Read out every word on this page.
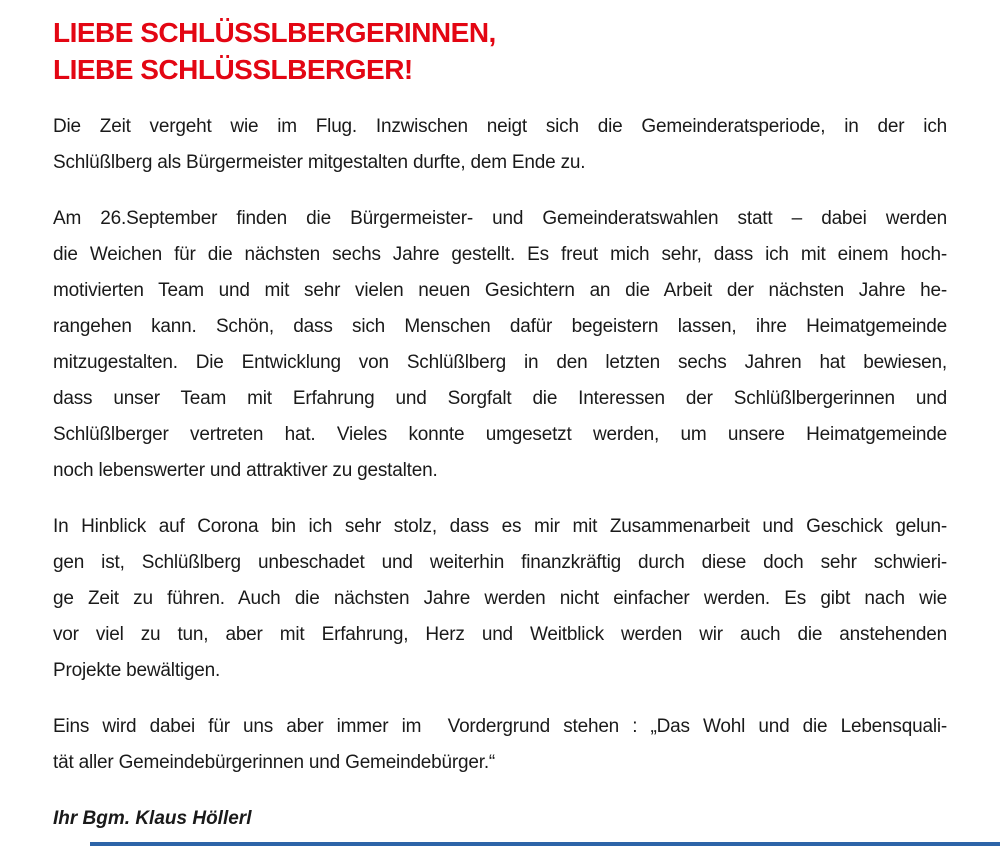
LIEBE SCHLÜSSLBERGERINNEN,
LIEBE SCHLÜSSLBERGER!
Die Zeit vergeht wie im Flug. Inzwischen neigt sich die Gemeinderatsperiode, in der ich
Schlüßlberg als Bürgermeister mitgestalten durfte, dem Ende zu.
Am 26.September finden die Bürgermeister- und Gemeinderatswahlen statt – dabei werden
die Weichen für die nächsten sechs Jahre gestellt. Es freut mich sehr, dass ich mit einem hoch-
motivierten Team und mit sehr vielen neuen Gesichtern an die Arbeit der nächsten Jahre he-
rangehen kann. Schön, dass sich Menschen dafür begeistern lassen, ihre Heimatgemeinde
mitzugestalten. Die Entwicklung von Schlüßlberg in den letzten sechs Jahren hat bewiesen,
dass unser Team mit Erfahrung und Sorgfalt die Interessen der Schlüßlbergerinnen und
Schlüßlberger vertreten hat. Vieles konnte umgesetzt werden, um unsere Heimatgemeinde
noch lebenswerter und attraktiver zu gestalten.
In Hinblick auf Corona bin ich sehr stolz, dass es mir mit Zusammenarbeit und Geschick gelun-
gen ist, Schlüßlberg unbeschadet und weiterhin finanzkräftig durch diese doch sehr schwieri-
ge Zeit zu führen. Auch die nächsten Jahre werden nicht einfacher werden. Es gibt nach wie
vor viel zu tun, aber mit Erfahrung, Herz und Weitblick werden wir auch die anstehenden
Projekte bewältigen.
Eins wird dabei für uns aber immer im  Vordergrund stehen : „Das Wohl und die Lebensquali-
tät aller Gemeindebürgerinnen und Gemeindebürger.“
Ihr Bgm. Klaus Höllerl
